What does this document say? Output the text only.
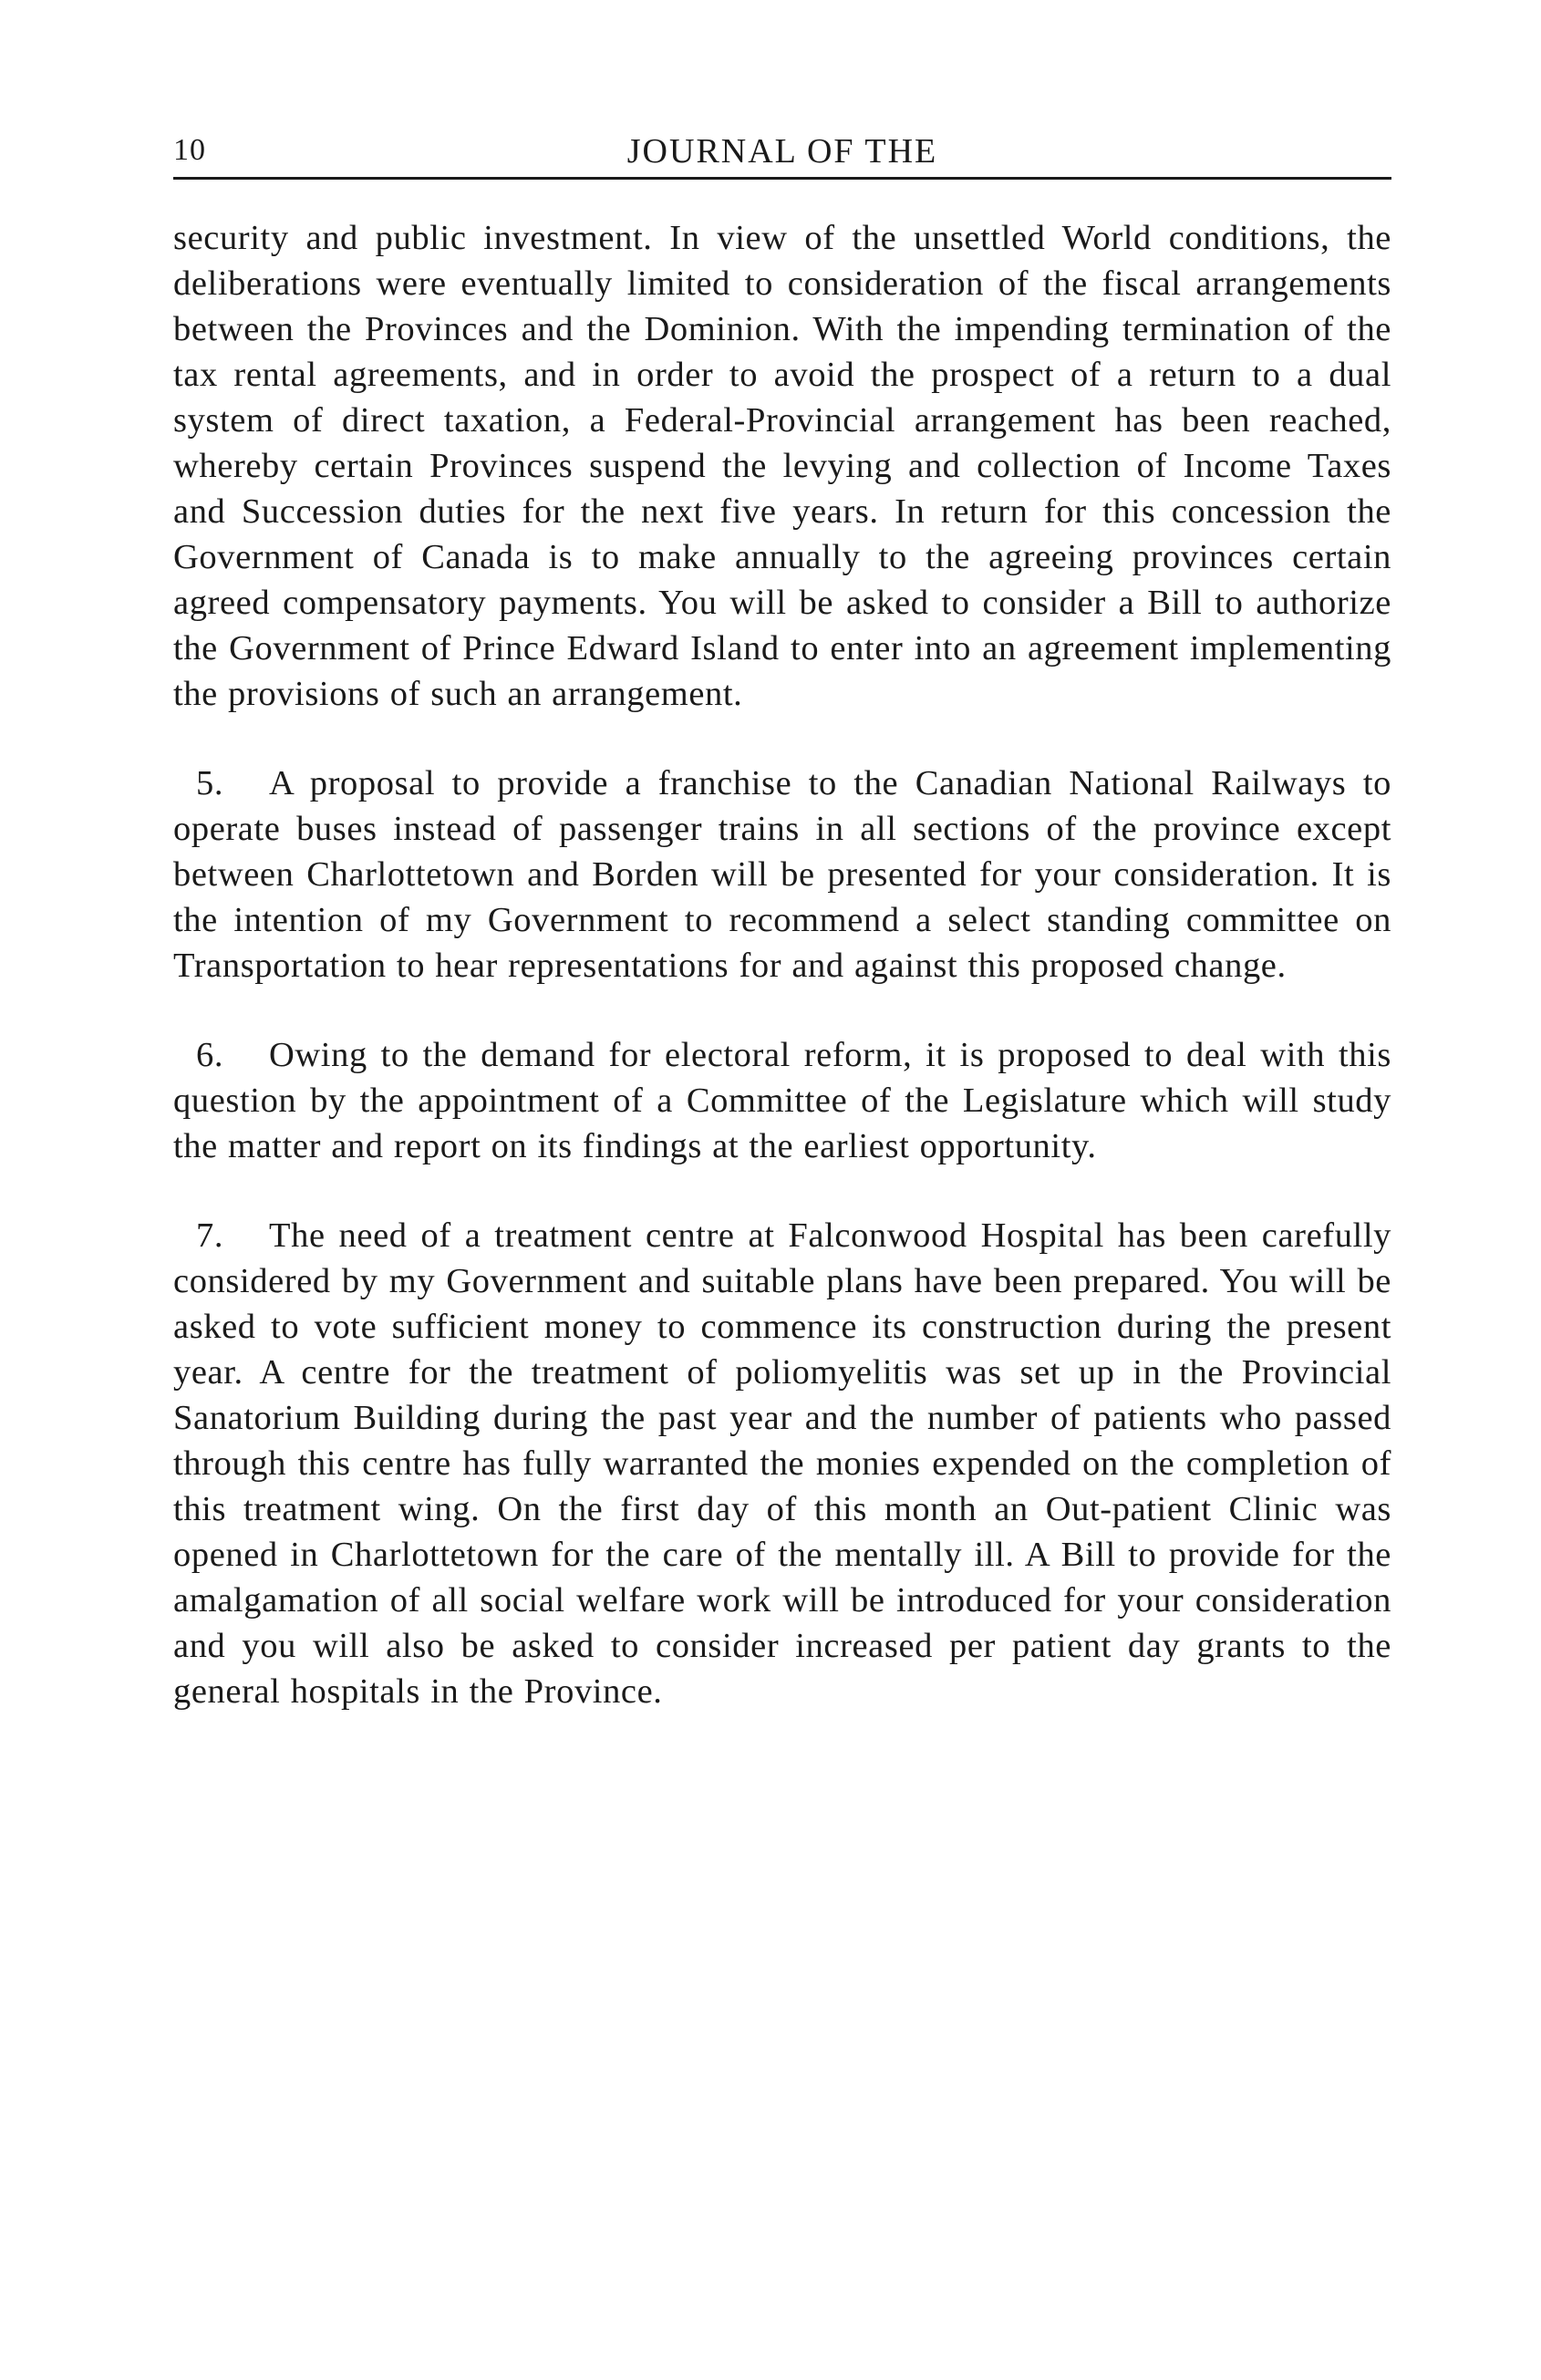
10	JOURNAL OF THE

security and public investment. In view of the unsettled World conditions, the deliberations were eventually limited to consideration of the fiscal arrangements between the Provinces and the Dominion. With the impending termination of the tax rental agreements, and in order to avoid the prospect of a return to a dual system of direct taxation, a Federal-Provincial arrangement has been reached, whereby certain Provinces suspend the levying and collection of Income Taxes and Succession duties for the next five years. In return for this concession the Government of Canada is to make annually to the agreeing provinces certain agreed compensatory payments. You will be asked to consider a Bill to authorize the Government of Prince Edward Island to enter into an agreement implementing the provisions of such an arrangement.

5. A proposal to provide a franchise to the Canadian National Railways to operate buses instead of passenger trains in all sections of the province except between Charlottetown and Borden will be presented for your consideration. It is the intention of my Government to recommend a select standing committee on Transportation to hear representations for and against this proposed change.

6. Owing to the demand for electoral reform, it is proposed to deal with this question by the appointment of a Committee of the Legislature which will study the matter and report on its findings at the earliest opportunity.

7. The need of a treatment centre at Falconwood Hospital has been carefully considered by my Government and suitable plans have been prepared. You will be asked to vote sufficient money to commence its construction during the present year. A centre for the treatment of poliomyelitis was set up in the Provincial Sanatorium Building during the past year and the number of patients who passed through this centre has fully warranted the monies expended on the completion of this treatment wing. On the first day of this month an Out-patient Clinic was opened in Charlottetown for the care of the mentally ill. A Bill to provide for the amalgamation of all social welfare work will be introduced for your consideration and you will also be asked to consider increased per patient day grants to the general hospitals in the Province.
